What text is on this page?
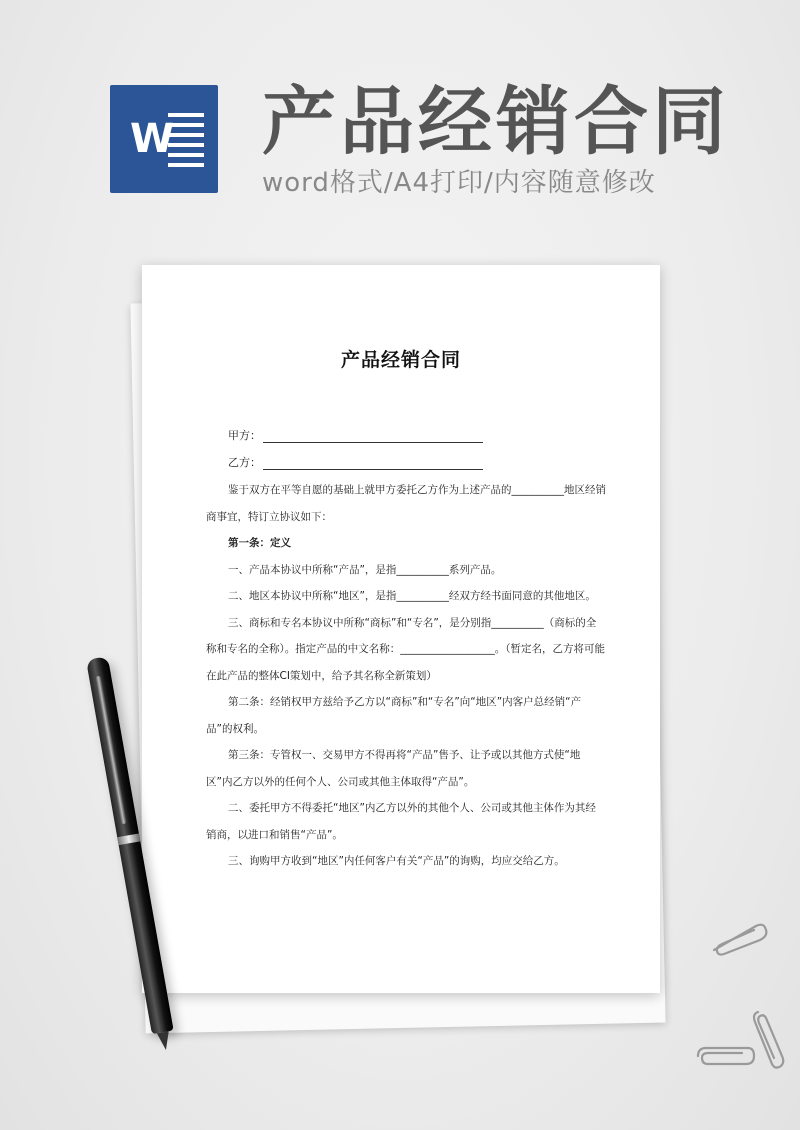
W 产品经销合同
word格式/A4打印/内容随意修改
产品经销合同
甲方：
乙方：

鉴于双方在平等自愿的基础上就甲方委托乙方作为上述产品的__________地区经销商事宜，特订立协议如下：

第一条：定义

一、产品本协议中所称“产品”，是指__________系列产品。

二、地区本协议中所称“地区”，是指__________经双方经书面同意的其他地区。

三、商标和专名本协议中所称“商标”和“专名”，是分别指__________（商标的全称和专名的全称）。指定产品的中文名称：__________________。（暂定名，乙方将可能在此产品的整体CI策划中，给予其名称全新策划）

第二条：经销权甲方兹给予乙方以“商标”和“专名”向“地区”内客户总经销“产品”的权利。

第三条：专管权一、交易甲方不得再将“产品”售予、让予或以其他方式使“地区”内乙方以外的任何个人、公司或其他主体取得“产品”。

二、委托甲方不得委托“地区”内乙方以外的其他个人、公司或其他主体作为其经销商，以进口和销售“产品”。

三、询购甲方收到“地区”内任何客户有关“产品”的询购，均应交给乙方。
